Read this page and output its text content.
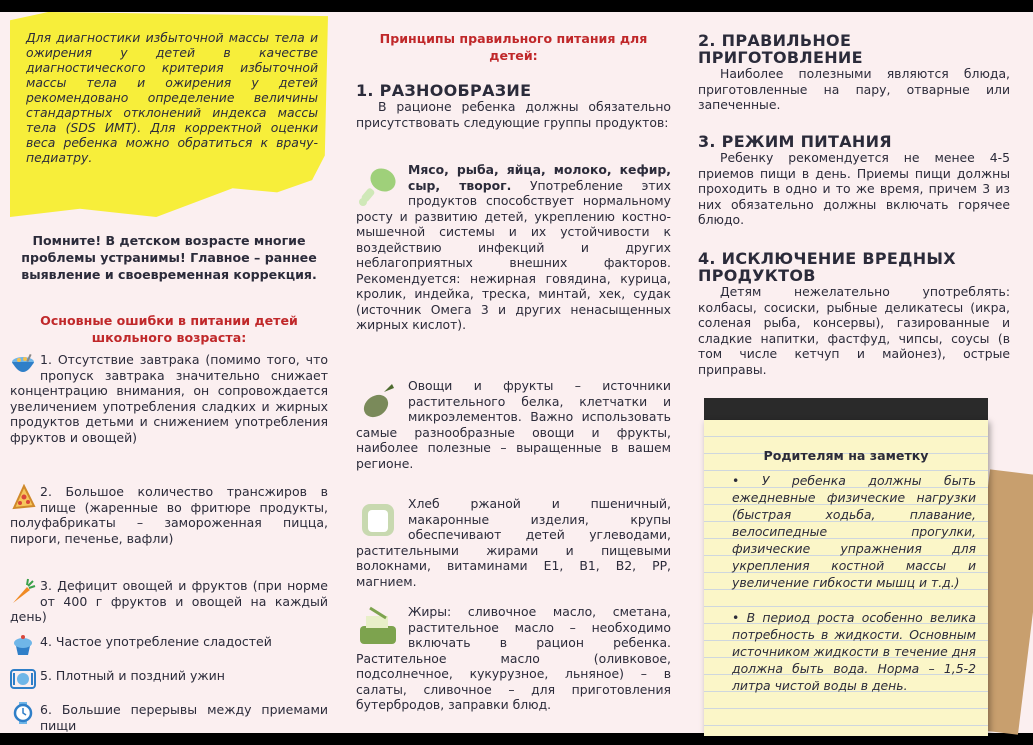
Для диагностики избыточной массы тела и ожирения у детей в качестве диагностического критерия избыточной массы тела и ожирения у детей рекомендовано определение величины стандартных отклонений индекса массы тела (SDS ИМТ). Для корректной оценки веса ребенка можно обратиться к врачу-педиатру.
Помните! В детском возрасте многие проблемы устранимы! Главное – раннее выявление и своевременная коррекция.
Основные ошибки в питании детей школьного возраста:
1. Отсутствие завтрака (помимо того, что пропуск завтрака значительно снижает концентрацию внимания, он сопровождается увеличением употребления сладких и жирных продуктов детьми и снижением употребления фруктов и овощей)
2. Большое количество трансжиров в пище (жаренные во фритюре продукты, полуфабрикаты – замороженная пицца, пироги, печенье, вафли)
3. Дефицит овощей и фруктов (при норме от 400 г фруктов и овощей на каждый день)
4. Частое употребление сладостей
5. Плотный и поздний ужин
6. Большие перерывы между приемами пищи
Принципы правильного питания для детей:
1. РАЗНООБРАЗИЕ
В рационе ребенка должны обязательно присутствовать следующие группы продуктов:
Мясо, рыба, яйца, молоко, кефир, сыр, творог. Употребление этих продуктов способствует нормальному росту и развитию детей, укреплению костно-мышечной системы и их устойчивости к воздействию инфекций и других неблагоприятных внешних факторов. Рекомендуется: нежирная говядина, курица, кролик, индейка, треска, минтай, хек, судак (источник Омега 3 и других ненасыщенных жирных кислот).
Овощи и фрукты – источники растительного белка, клетчатки и микроэлементов. Важно использовать самые разнообразные овощи и фрукты, наиболее полезные – выращенные в вашем регионе.
Хлеб ржаной и пшеничный, макаронные изделия, крупы обеспечивают детей углеводами, растительными жирами и пищевыми волокнами, витаминами Е1, В1, В2, РР, магнием.
Жиры: сливочное масло, сметана, растительное масло – необходимо включать в рацион ребенка. Растительное масло (оливковое, подсолнечное, кукурузное, льняное) – в салаты, сливочное – для приготовления бутербродов, заправки блюд.
2. ПРАВИЛЬНОЕ ПРИГОТОВЛЕНИЕ
Наиболее полезными являются блюда, приготовленные на пару, отварные или запеченные.
3. РЕЖИМ ПИТАНИЯ
Ребенку рекомендуется не менее 4-5 приемов пищи в день. Приемы пищи должны проходить в одно и то же время, причем 3 из них обязательно должны включать горячее блюдо.
4. ИСКЛЮЧЕНИЕ ВРЕДНЫХ ПРОДУКТОВ
Детям нежелательно употреблять: колбасы, сосиски, рыбные деликатесы (икра, соленая рыба, консервы), газированные и сладкие напитки, фастфуд, чипсы, соусы (в том числе кетчуп и майонез), острые приправы.
Родителям на заметку
• У ребенка должны быть ежедневные физические нагрузки (быстрая ходьба, плавание, велосипедные прогулки, физические упражнения для укрепления костной массы и увеличение гибкости мышц и т.д.)
• В период роста особенно велика потребность в жидкости. Основным источником жидкости в течение дня должна быть вода. Норма – 1,5-2 литра чистой воды в день.
